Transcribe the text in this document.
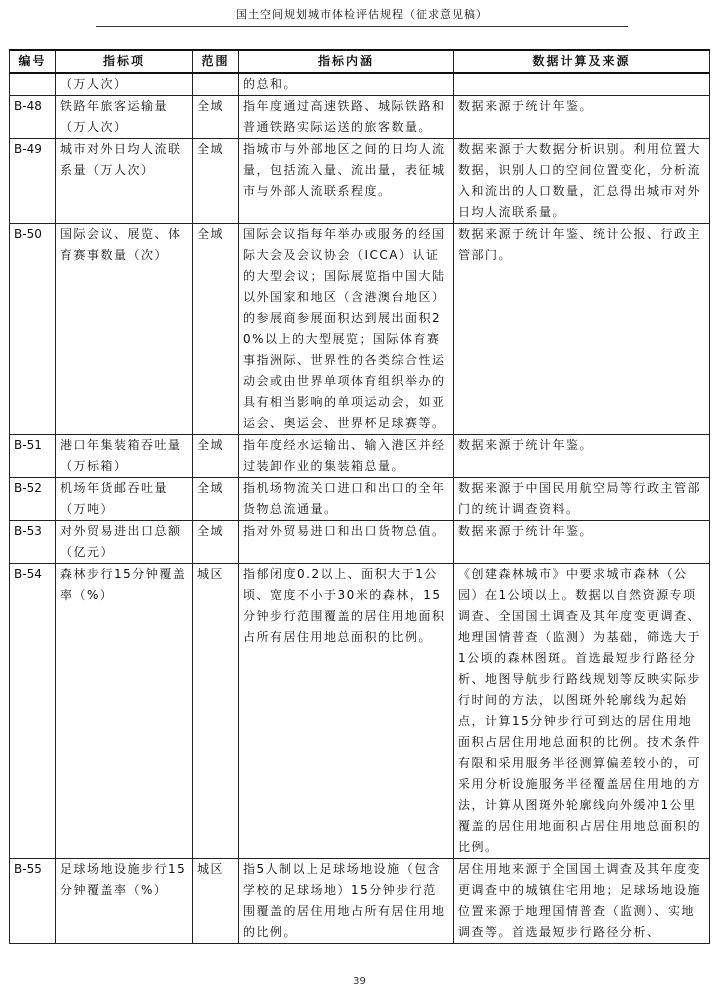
国土空间规划城市体检评估规程（征求意见稿）
编号	指标项	范围	指标内涵	数据计算及来源
	（万人次）		的总和。	
B-48	铁路年旅客运输量（万人次）	全域	指年度通过高速铁路、城际铁路和普通铁路实际运送的旅客数量。	数据来源于统计年鉴。
B-49	城市对外日均人流联系量（万人次）	全域	指城市与外部地区之间的日均人流量，包括流入量、流出量，表征城市与外部人流联系程度。	数据来源于大数据分析识别。利用位置大数据，识别人口的空间位置变化，分析流入和流出的人口数量，汇总得出城市对外日均人流联系量。
B-50	国际会议、展览、体育赛事数量（次）	全域	国际会议指每年举办或服务的经国际大会及会议协会（ICCA）认证的大型会议；国际展览指中国大陆以外国家和地区（含港澳台地区）的参展商参展面积达到展出面积20%以上的大型展览；国际体育赛事指洲际、世界性的各类综合性运动会或由世界单项体育组织举办的具有相当影响的单项运动会，如亚运会、奥运会、世界杯足球赛等。	数据来源于统计年鉴、统计公报、行政主管部门。
B-51	港口年集装箱吞吐量（万标箱）	全域	指年度经水运输出、输入港区并经过装卸作业的集装箱总量。	数据来源于统计年鉴。
B-52	机场年货邮吞吐量（万吨）	全域	指机场物流关口进口和出口的全年货物总流通量。	数据来源于中国民用航空局等行政主管部门的统计调查资料。
B-53	对外贸易进出口总额（亿元）	全域	指对外贸易进口和出口货物总值。	数据来源于统计年鉴。
B-54	森林步行15分钟覆盖率（%）	城区	指郁闭度0.2以上、面积大于1公顷、宽度不小于30米的森林，15分钟步行范围覆盖的居住用地面积占所有居住用地总面积的比例。	《创建森林城市》中要求城市森林（公园）在1公顷以上。数据以自然资源专项调查、全国国土调查及其年度变更调查、地理国情普查（监测）为基础，筛选大于1公顷的森林图斑。首选最短步行路径分析、地图导航步行路线规划等反映实际步行时间的方法，以图斑外轮廓线为起始点，计算15分钟步行可到达的居住用地面积占居住用地总面积的比例。技术条件有限和采用服务半径测算偏差较小的，可采用分析设施服务半径覆盖居住用地的方法，计算从图斑外轮廓线向外缓冲1公里覆盖的居住用地面积占居住用地总面积的比例。
B-55	足球场地设施步行15分钟覆盖率（%）	城区	指5人制以上足球场地设施（包含学校的足球场地）15分钟步行范围覆盖的居住用地占所有居住用地的比例。	居住用地来源于全国国土调查及其年度变更调查中的城镇住宅用地；足球场地设施位置来源于地理国情普查（监测）、实地调查等。首选最短步行路径分析、
39
